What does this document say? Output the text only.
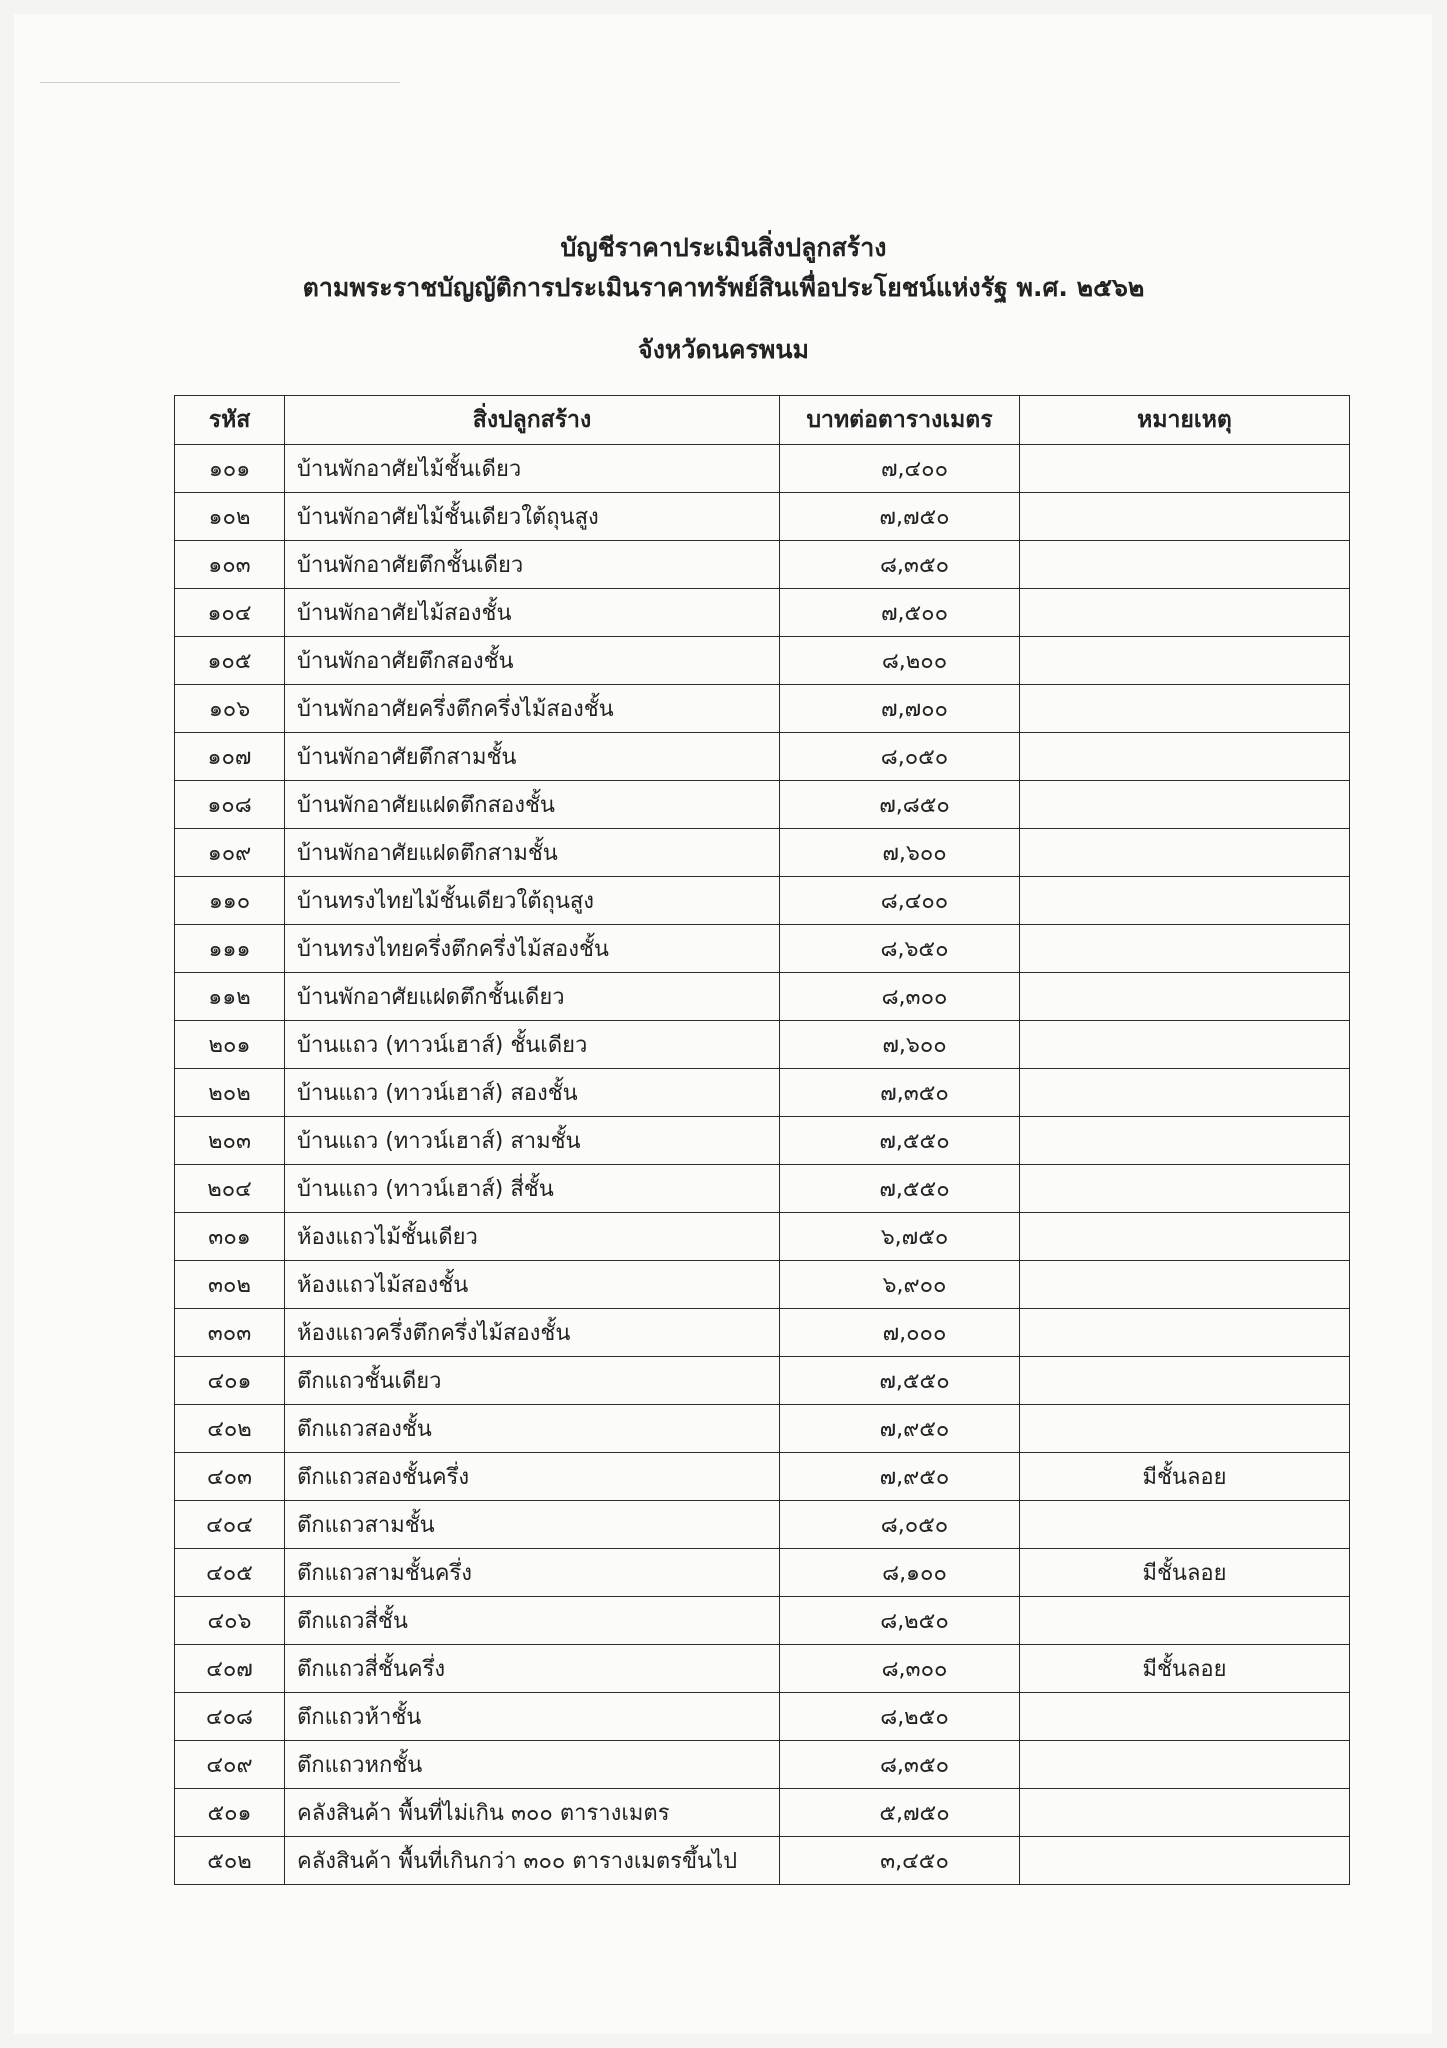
บัญชีราคาประเมินสิ่งปลูกสร้าง

ตามพระราชบัญญัติการประเมินราคาทรัพย์สินเพื่อประโยชน์แห่งรัฐ พ.ศ. ๒๕๖๒

จังหวัดนครพนม

รหัส	สิ่งปลูกสร้าง	บาทต่อตารางเมตร	หมายเหตุ
๑๐๑	บ้านพักอาศัยไม้ชั้นเดียว	๗,๔๐๐	
๑๐๒	บ้านพักอาศัยไม้ชั้นเดียวใต้ถุนสูง	๗,๗๕๐	
๑๐๓	บ้านพักอาศัยตึกชั้นเดียว	๘,๓๕๐	
๑๐๔	บ้านพักอาศัยไม้สองชั้น	๗,๕๐๐	
๑๐๕	บ้านพักอาศัยตึกสองชั้น	๘,๒๐๐	
๑๐๖	บ้านพักอาศัยครึ่งตึกครึ่งไม้สองชั้น	๗,๗๐๐	
๑๐๗	บ้านพักอาศัยตึกสามชั้น	๘,๐๕๐	
๑๐๘	บ้านพักอาศัยแฝดตึกสองชั้น	๗,๘๕๐	
๑๐๙	บ้านพักอาศัยแฝดตึกสามชั้น	๗,๖๐๐	
๑๑๐	บ้านทรงไทยไม้ชั้นเดียวใต้ถุนสูง	๘,๔๐๐	
๑๑๑	บ้านทรงไทยครึ่งตึกครึ่งไม้สองชั้น	๘,๖๕๐	
๑๑๒	บ้านพักอาศัยแฝดตึกชั้นเดียว	๘,๓๐๐	
๒๐๑	บ้านแถว (ทาวน์เฮาส์) ชั้นเดียว	๗,๖๐๐	
๒๐๒	บ้านแถว (ทาวน์เฮาส์) สองชั้น	๗,๓๕๐	
๒๐๓	บ้านแถว (ทาวน์เฮาส์) สามชั้น	๗,๕๕๐	
๒๐๔	บ้านแถว (ทาวน์เฮาส์) สี่ชั้น	๗,๕๕๐	
๓๐๑	ห้องแถวไม้ชั้นเดียว	๖,๗๕๐	
๓๐๒	ห้องแถวไม้สองชั้น	๖,๙๐๐	
๓๐๓	ห้องแถวครึ่งตึกครึ่งไม้สองชั้น	๗,๐๐๐	
๔๐๑	ตึกแถวชั้นเดียว	๗,๕๕๐	
๔๐๒	ตึกแถวสองชั้น	๗,๙๕๐	
๔๐๓	ตึกแถวสองชั้นครึ่ง	๗,๙๕๐	มีชั้นลอย
๔๐๔	ตึกแถวสามชั้น	๘,๐๕๐	
๔๐๕	ตึกแถวสามชั้นครึ่ง	๘,๑๐๐	มีชั้นลอย
๔๐๖	ตึกแถวสี่ชั้น	๘,๒๕๐	
๔๐๗	ตึกแถวสี่ชั้นครึ่ง	๘,๓๐๐	มีชั้นลอย
๔๐๘	ตึกแถวห้าชั้น	๘,๒๕๐	
๔๐๙	ตึกแถวหกชั้น	๘,๓๕๐	
๕๐๑	คลังสินค้า พื้นที่ไม่เกิน ๓๐๐ ตารางเมตร	๕,๗๕๐	
๕๐๒	คลังสินค้า พื้นที่เกินกว่า ๓๐๐ ตารางเมตรขึ้นไป	๓,๔๕๐	
